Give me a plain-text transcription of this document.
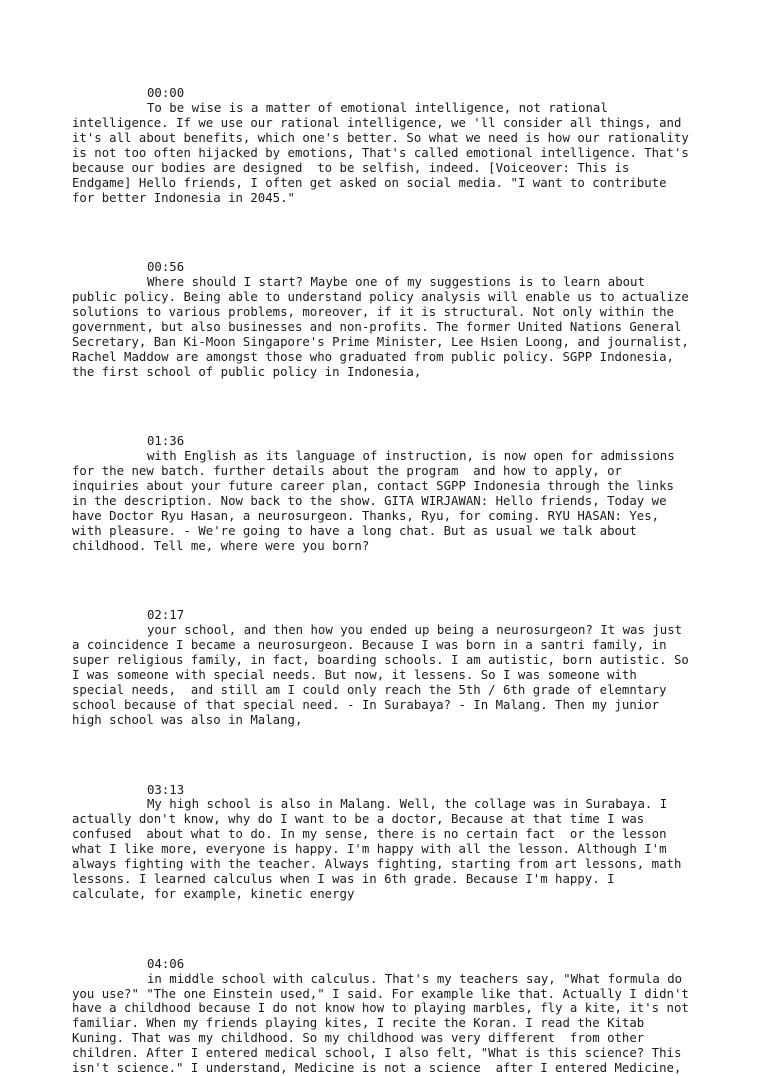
00:00
To be wise is a matter of emotional intelligence, not rational
intelligence. If we use our rational intelligence, we 'll consider all things, and
it's all about benefits, which one's better. So what we need is how our rationality
is not too often hijacked by emotions, That's called emotional intelligence. That's
because our bodies are designed  to be selfish, indeed. [Voiceover: This is
Endgame] Hello friends, I often get asked on social media. "I want to contribute
for better Indonesia in 2045."
00:56
Where should I start? Maybe one of my suggestions is to learn about
public policy. Being able to understand policy analysis will enable us to actualize
solutions to various problems, moreover, if it is structural. Not only within the
government, but also businesses and non-profits. The former United Nations General
Secretary, Ban Ki-Moon Singapore's Prime Minister, Lee Hsien Loong, and journalist,
Rachel Maddow are amongst those who graduated from public policy. SGPP Indonesia,
the first school of public policy in Indonesia,
01:36
with English as its language of instruction, is now open for admissions
for the new batch. further details about the program  and how to apply, or
inquiries about your future career plan, contact SGPP Indonesia through the links
in the description. Now back to the show. GITA WIRJAWAN: Hello friends, Today we
have Doctor Ryu Hasan, a neurosurgeon. Thanks, Ryu, for coming. RYU HASAN: Yes,
with pleasure. - We're going to have a long chat. But as usual we talk about
childhood. Tell me, where were you born?
02:17
your school, and then how you ended up being a neurosurgeon? It was just
a coincidence I became a neurosurgeon. Because I was born in a santri family, in
super religious family, in fact, boarding schools. I am autistic, born autistic. So
I was someone with special needs. But now, it lessens. So I was someone with
special needs,  and still am I could only reach the 5th / 6th grade of elemntary
school because of that special need. - In Surabaya? - In Malang. Then my junior
high school was also in Malang,
03:13
My high school is also in Malang. Well, the collage was in Surabaya. I
actually don't know, why do I want to be a doctor, Because at that time I was
confused  about what to do. In my sense, there is no certain fact  or the lesson
what I like more, everyone is happy. I'm happy with all the lesson. Although I'm
always fighting with the teacher. Always fighting, starting from art lessons, math
lessons. I learned calculus when I was in 6th grade. Because I'm happy. I
calculate, for example, kinetic energy
04:06
in middle school with calculus. That's my teachers say, "What formula do
you use?" "The one Einstein used," I said. For example like that. Actually I didn't
have a childhood because I do not know how to playing marbles, fly a kite, it's not
familiar. When my friends playing kites, I recite the Koran. I read the Kitab
Kuning. That was my childhood. So my childhood was very different  from other
children. After I entered medical school, I also felt, "What is this science? This
isn't science." I understand, Medicine is not a science  after I entered Medicine,
